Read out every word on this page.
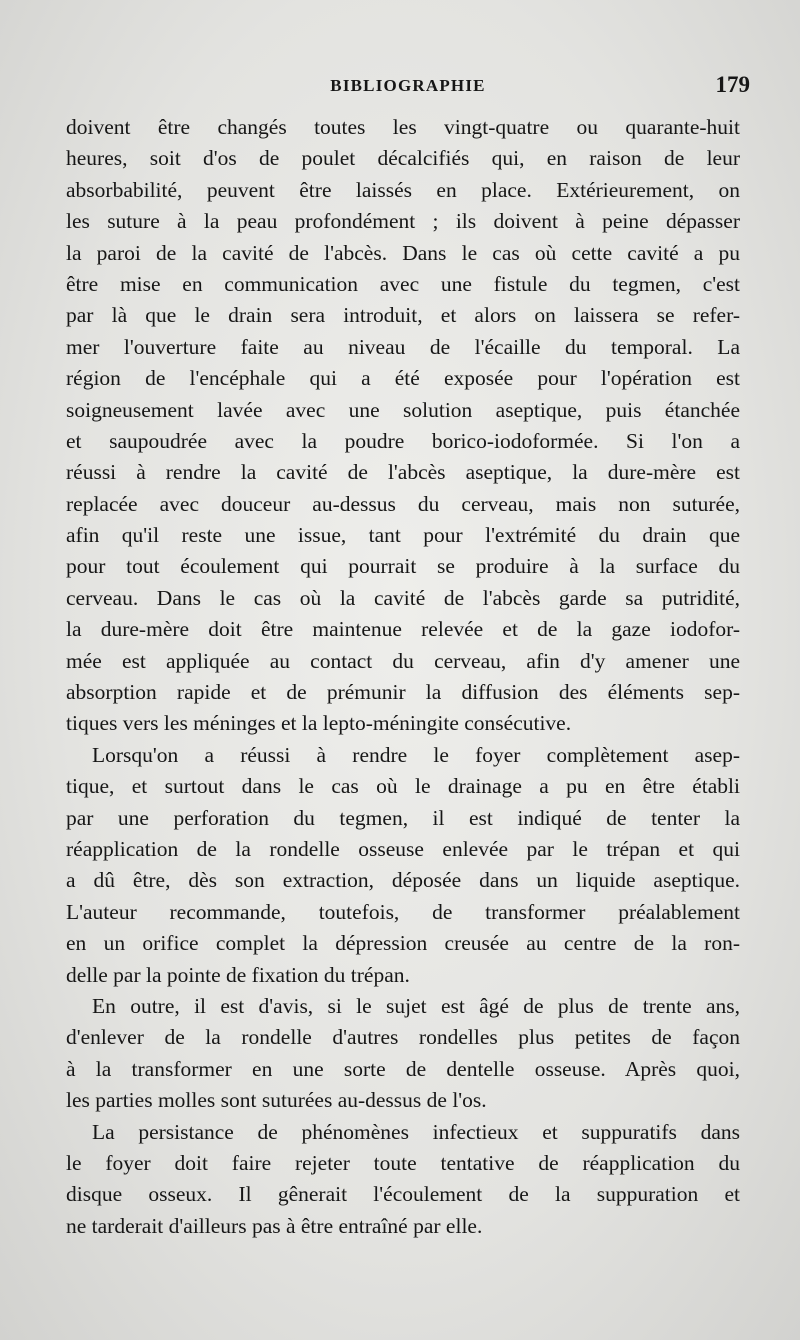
BIBLIOGRAPHIE	179
doivent être changés toutes les vingt-quatre ou quarante-huit
heures, soit d'os de poulet décalcifiés qui, en raison de leur
absorbabilité, peuvent être laissés en place. Extérieurement, on
les suture à la peau profondément ; ils doivent à peine dépasser
la paroi de la cavité de l'abcès. Dans le cas où cette cavité a pu
être mise en communication avec une fistule du tegmen, c'est
par là que le drain sera introduit, et alors on laissera se refer-
mer l'ouverture faite au niveau de l'écaille du temporal. La
région de l'encéphale qui a été exposée pour l'opération est
soigneusement lavée avec une solution aseptique, puis étanchée
et saupoudrée avec la poudre borico-iodoformée. Si l'on a
réussi à rendre la cavité de l'abcès aseptique, la dure-mère est
replacée avec douceur au-dessus du cerveau, mais non suturée,
afin qu'il reste une issue, tant pour l'extrémité du drain que
pour tout écoulement qui pourrait se produire à la surface du
cerveau. Dans le cas où la cavité de l'abcès garde sa putridité,
la dure-mère doit être maintenue relevée et de la gaze iodofor-
mée est appliquée au contact du cerveau, afin d'y amener une
absorption rapide et de prémunir la diffusion des éléments sep-
tiques vers les méninges et la lepto-méningite consécutive.
Lorsqu'on a réussi à rendre le foyer complètement asep-
tique, et surtout dans le cas où le drainage a pu en être établi
par une perforation du tegmen, il est indiqué de tenter la
réapplication de la rondelle osseuse enlevée par le trépan et qui
a dû être, dès son extraction, déposée dans un liquide aseptique.
L'auteur recommande, toutefois, de transformer préalablement
en un orifice complet la dépression creusée au centre de la ron-
delle par la pointe de fixation du trépan.
En outre, il est d'avis, si le sujet est âgé de plus de trente ans,
d'enlever de la rondelle d'autres rondelles plus petites de façon
à la transformer en une sorte de dentelle osseuse. Après quoi,
les parties molles sont suturées au-dessus de l'os.
La persistance de phénomènes infectieux et suppuratifs dans
le foyer doit faire rejeter toute tentative de réapplication du
disque osseux. Il gênerait l'écoulement de la suppuration et
ne tarderait d'ailleurs pas à être entraîné par elle.
